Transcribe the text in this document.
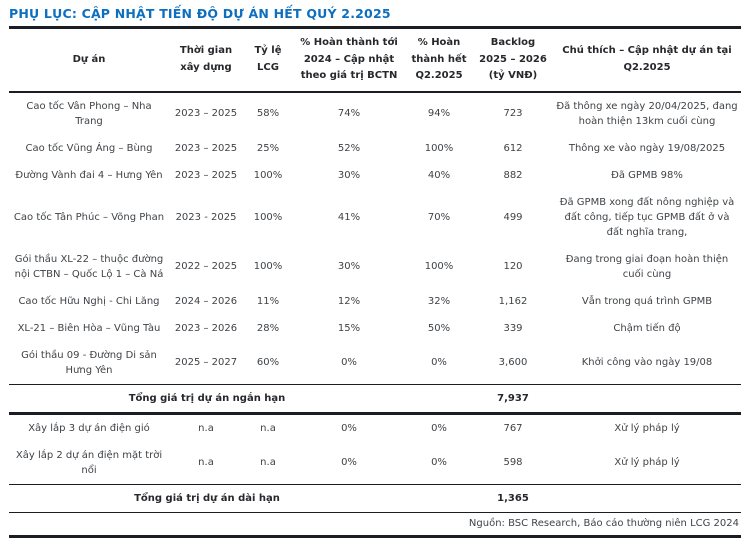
PHỤ LỤC: CẬP NHẬT TIẾN ĐỘ DỰ ÁN HẾT QUÝ 2.2025
Dự án	Thời gian xây dựng	Tỷ lệ LCG	% Hoàn thành tới 2024 – Cập nhật theo giá trị BCTN	% Hoàn thành hết Q2.2025	Backlog 2025 – 2026 (tỷ VNĐ)	Chú thích – Cập nhật dự án tại Q2.2025
Cao tốc Vân Phong – Nha Trang	2023 – 2025	58%	74%	94%	723	Đã thông xe ngày 20/04/2025, đang hoàn thiện 13km cuối cùng
Cao tốc Vũng Áng – Bùng	2023 – 2025	25%	52%	100%	612	Thông xe vào ngày 19/08/2025
Đường Vành đai 4 – Hưng Yên	2023 – 2025	100%	30%	40%	882	Đã GPMB 98%
Cao tốc Tân Phúc – Võng Phan	2023 - 2025	100%	41%	70%	499	Đã GPMB xong đất nông nghiệp và đất công, tiếp tục GPMB đất ở và đất nghĩa trang,
Gói thầu XL-22 – thuộc đường nội CTBN – Quốc Lộ 1 – Cà Ná	2022 – 2025	100%	30%	100%	120	Đang trong giai đoạn hoàn thiện cuối cùng
Cao tốc Hữu Nghị - Chi Lăng	2024 – 2026	11%	12%	32%	1,162	Vẫn trong quá trình GPMB
XL-21 – Biên Hòa – Vũng Tàu	2023 – 2026	28%	15%	50%	339	Chậm tiến độ
Gói thầu 09 - Đường Di sản Hưng Yên	2025 – 2027	60%	0%	0%	3,600	Khởi công vào ngày 19/08
Tổng giá trị dự án ngắn hạn					7,937	
Xây lắp 3 dự án điện gió	n.a	n.a	0%	0%	767	Xử lý pháp lý
Xây lắp 2 dự án điện mặt trời nổi	n.a	n.a	0%	0%	598	Xử lý pháp lý
Tổng giá trị dự án dài hạn					1,365	
Nguồn: BSC Research, Báo cáo thường niên LCG 2024
